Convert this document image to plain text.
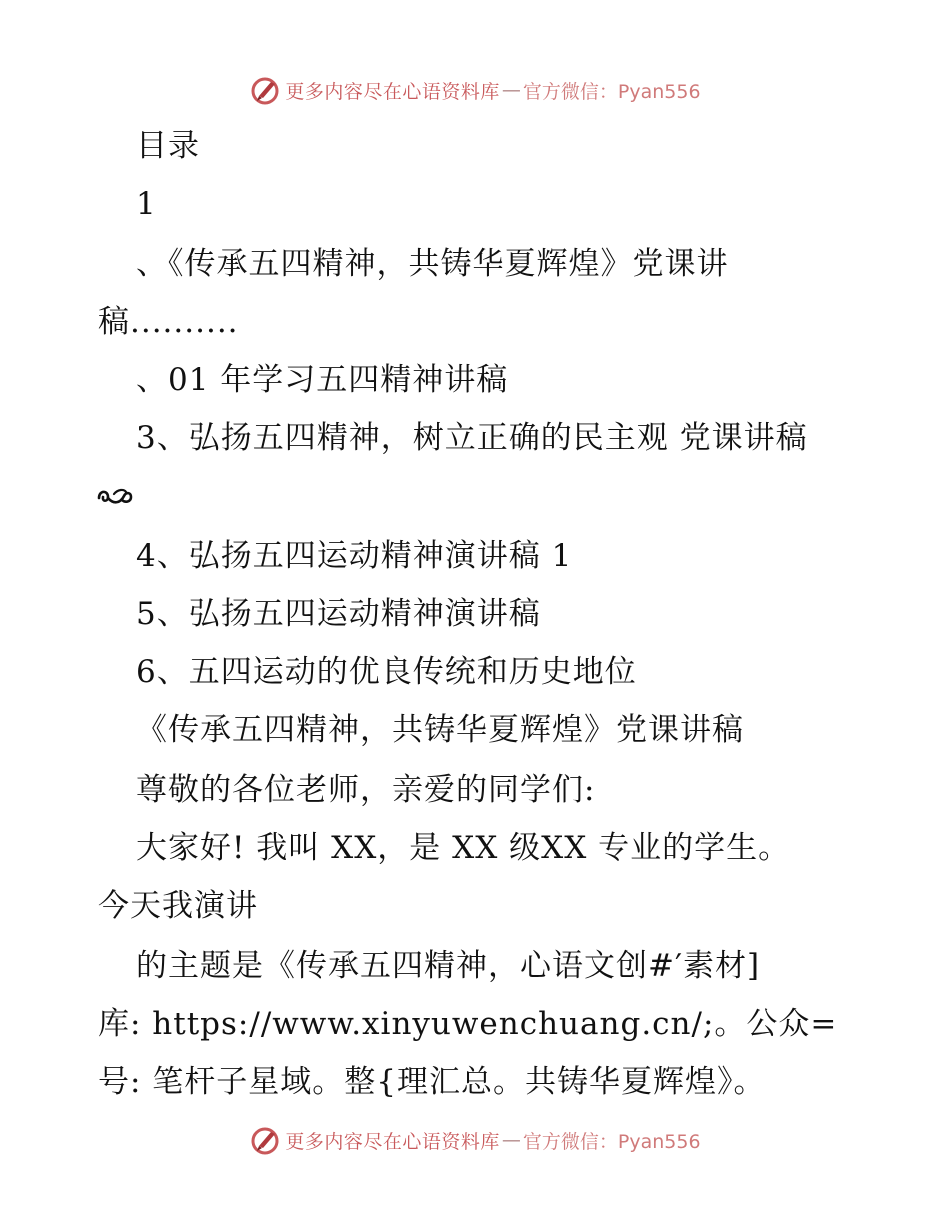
更多内容尽在心语资料库 — 官方微信：Pyan556
目录
1
、《传承五四精神，共铸华夏辉煌》党课讲
稿..........
、01 年学习五四精神讲稿
3、弘扬五四精神，树立正确的民主观 党课讲稿
4、弘扬五四运动精神演讲稿 1
5、弘扬五四运动精神演讲稿
6、五四运动的优良传统和历史地位
《传承五四精神，共铸华夏辉煌》党课讲稿
尊敬的各位老师，亲爱的同学们:
大家好! 我叫 XX，是 XX 级XX 专业的学生。
今天我演讲
的主题是《传承五四精神，心语文创#′素材]
库: https://www.xinyuwenchuang.cn/;。公众=
号: 笔杆子星域。整{理汇总。共铸华夏辉煌》。
更多内容尽在心语资料库 — 官方微信：Pyan556
